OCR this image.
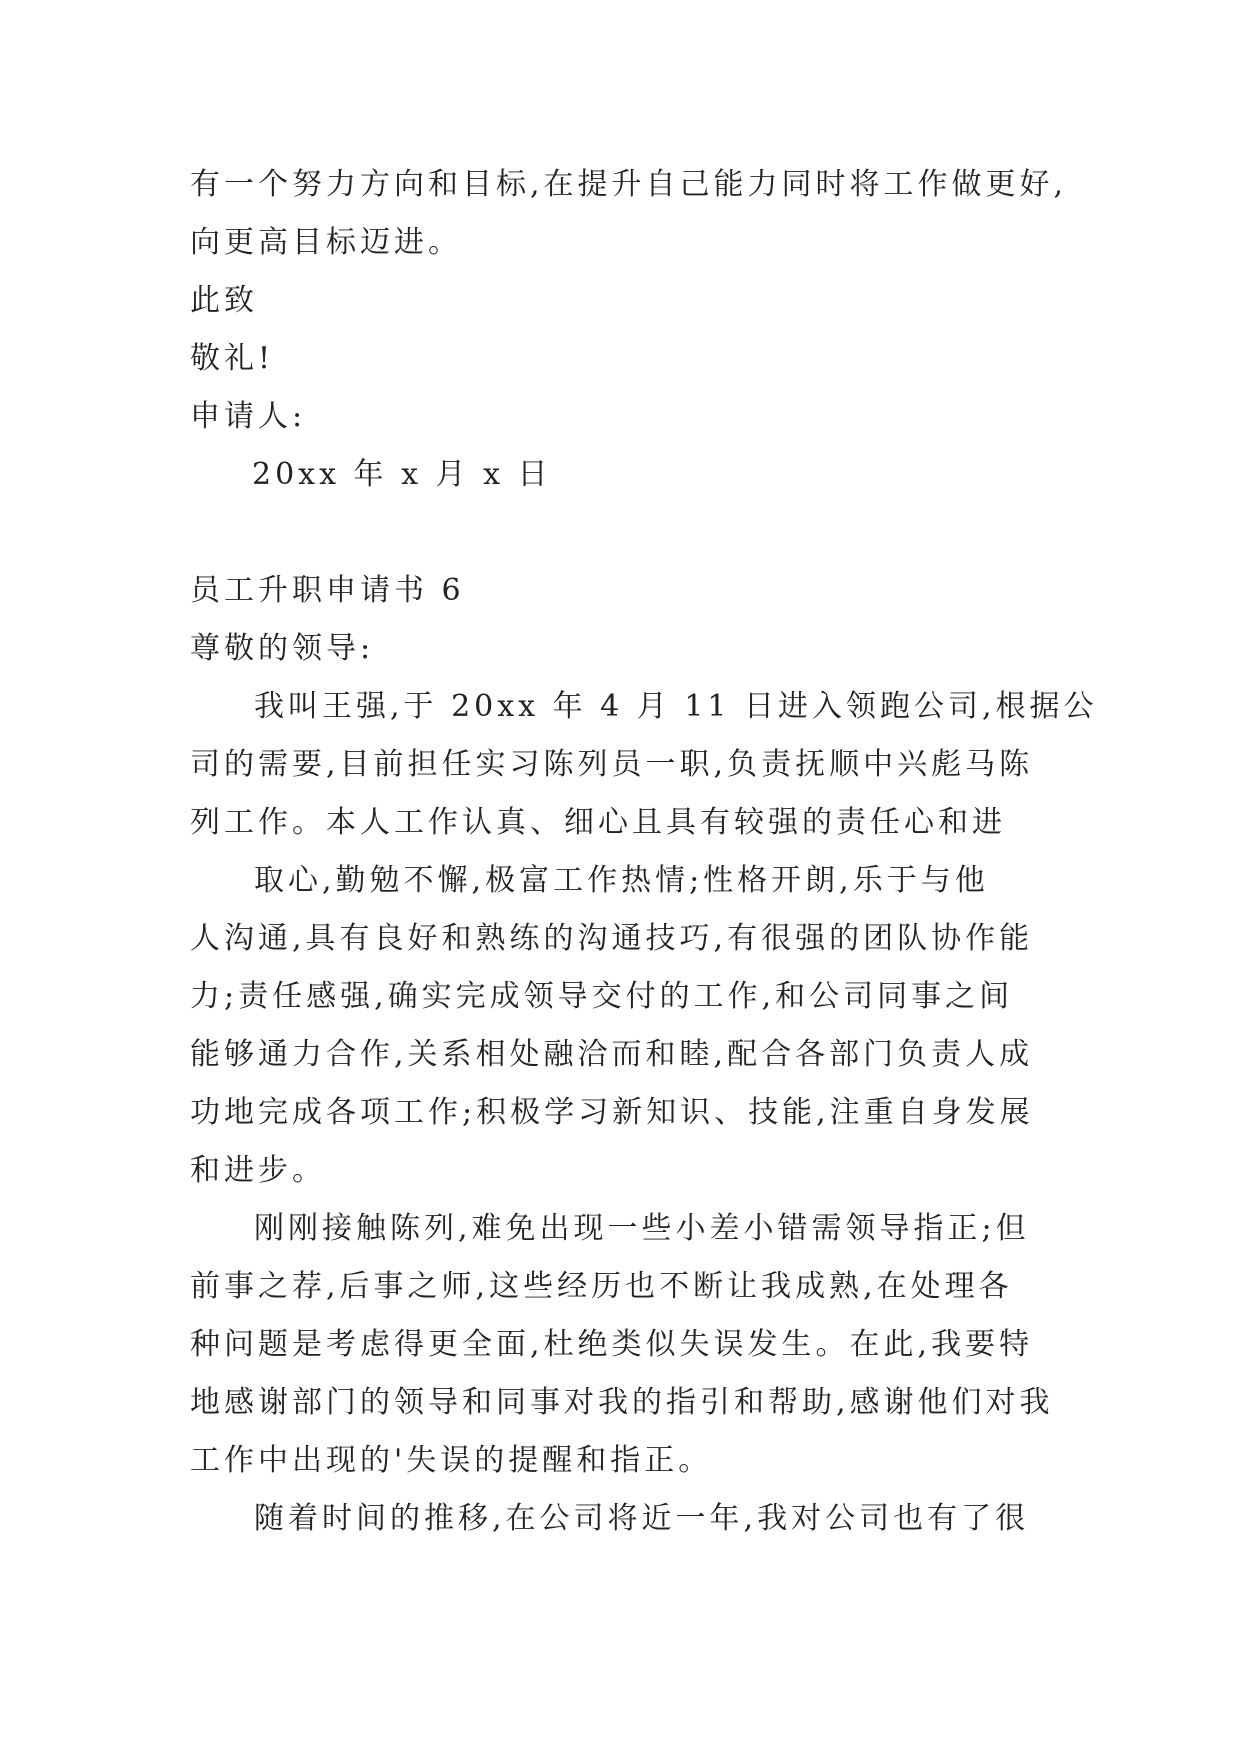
有一个努力方向和目标,在提升自己能力同时将工作做更好,
向更高目标迈进。
此致
敬礼!
申请人:
20xx 年 x 月 x 日
员工升职申请书 6
尊敬的领导:
我叫王强,于 20xx 年 4 月 11 日进入领跑公司,根据公
司的需要,目前担任实习陈列员一职,负责抚顺中兴彪马陈
列工作。本人工作认真、细心且具有较强的责任心和进
取心,勤勉不懈,极富工作热情;性格开朗,乐于与他
人沟通,具有良好和熟练的沟通技巧,有很强的团队协作能
力;责任感强,确实完成领导交付的工作,和公司同事之间
能够通力合作,关系相处融洽而和睦,配合各部门负责人成
功地完成各项工作;积极学习新知识、技能,注重自身发展
和进步。
刚刚接触陈列,难免出现一些小差小错需领导指正;但
前事之荐,后事之师,这些经历也不断让我成熟,在处理各
种问题是考虑得更全面,杜绝类似失误发生。在此,我要特
地感谢部门的领导和同事对我的指引和帮助,感谢他们对我
工作中出现的'失误的提醒和指正。
随着时间的推移,在公司将近一年,我对公司也有了很
